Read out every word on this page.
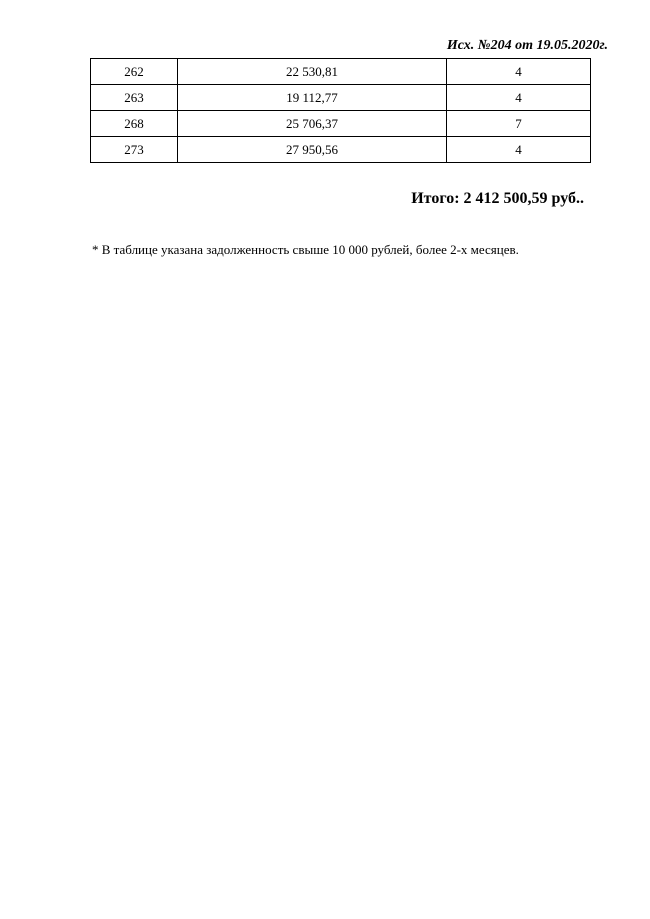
Исх. №204 от 19.05.2020г.
262	22 530,81	4
263	19 112,77	4
268	25 706,37	7
273	27 950,56	4
Итого: 2 412 500,59 руб..
* В таблице указана задолженность свыше 10 000 рублей, более 2-х месяцев.
